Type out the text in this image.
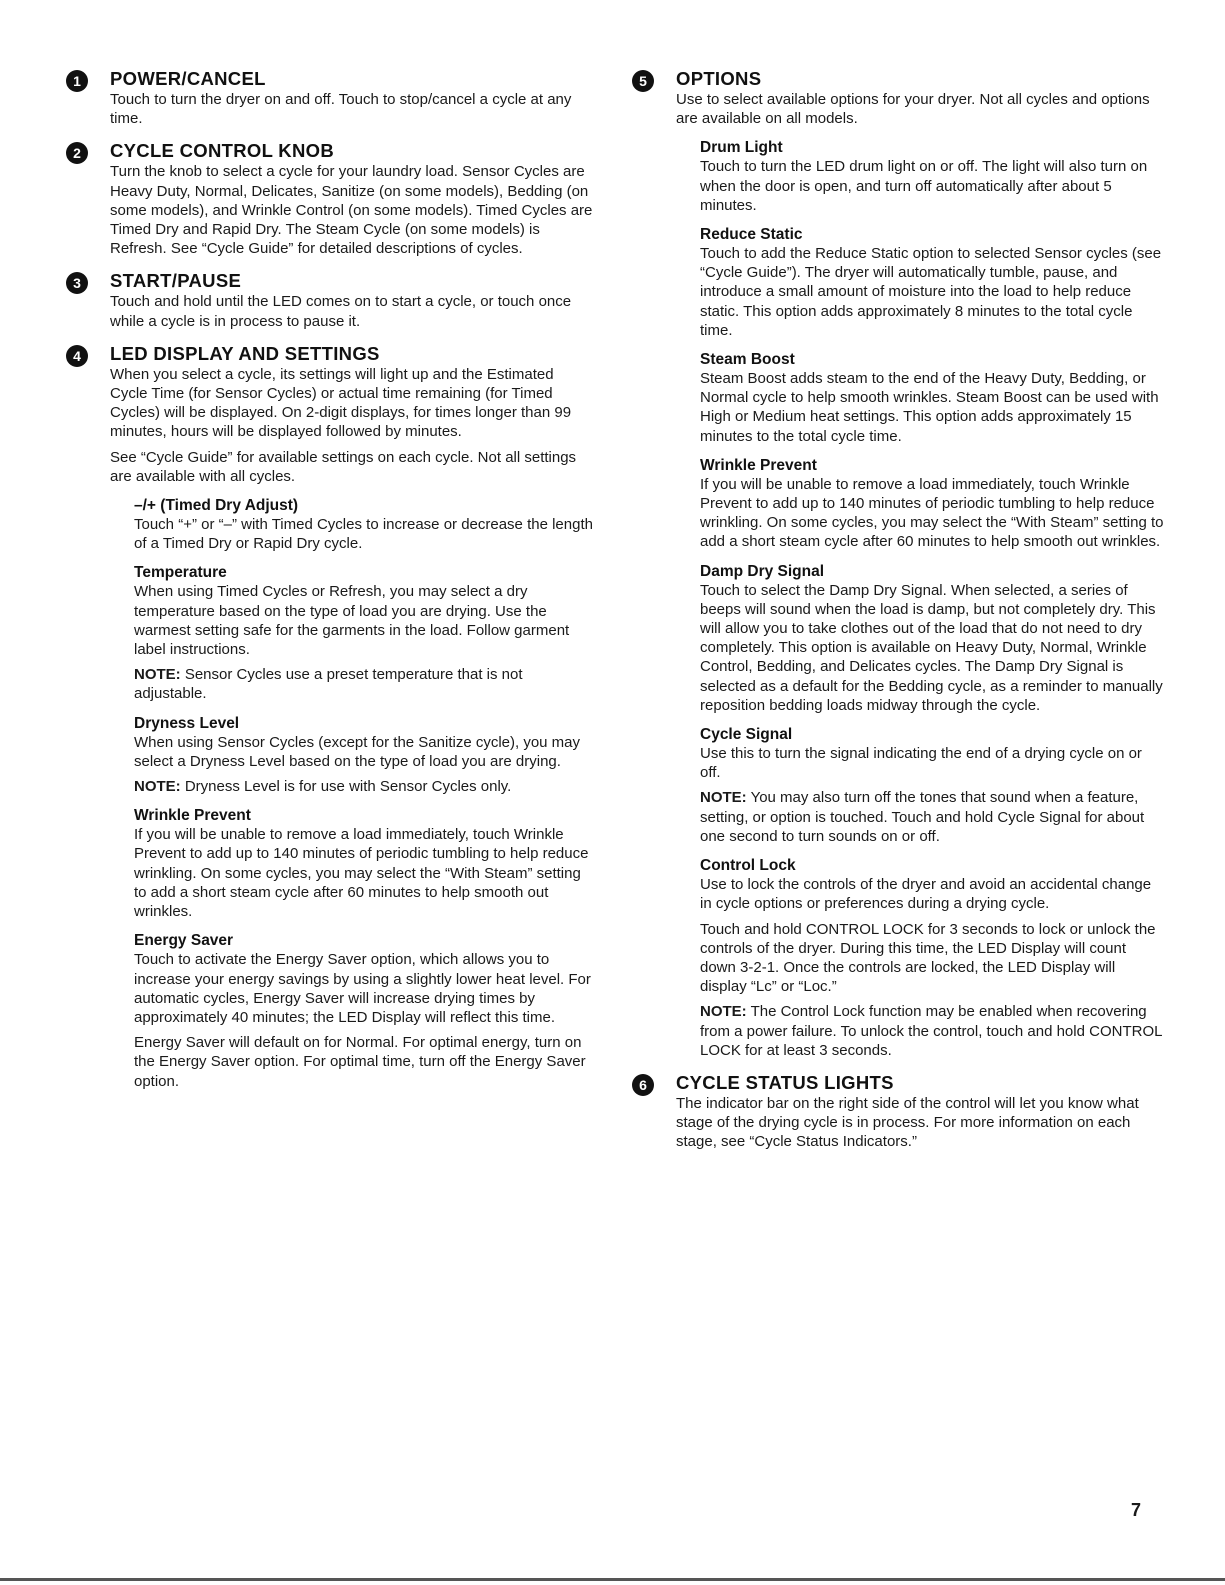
1	POWER/CANCEL

Touch to turn the dryer on and off. Touch to stop/cancel a cycle at any time.

2	CYCLE CONTROL KNOB

Turn the knob to select a cycle for your laundry load. Sensor Cycles are Heavy Duty, Normal, Delicates, Sanitize (on some models), Bedding (on some models), and Wrinkle Control (on some models). Timed Cycles are Timed Dry and Rapid Dry. The Steam Cycle (on some models) is Refresh. See “Cycle Guide” for detailed descriptions of cycles.

3	START/PAUSE

Touch and hold until the LED comes on to start a cycle, or touch once while a cycle is in process to pause it.

4	LED DISPLAY AND SETTINGS

When you select a cycle, its settings will light up and the Estimated Cycle Time (for Sensor Cycles) or actual time remaining (for Timed Cycles) will be displayed. On 2-digit displays, for times longer than 99 minutes, hours will be displayed followed by minutes.

See “Cycle Guide” for available settings on each cycle. Not all settings are available with all cycles.

–/+ (Timed Dry Adjust)

Touch “+” or “–” with Timed Cycles to increase or decrease the length of a Timed Dry or Rapid Dry cycle.

Temperature

When using Timed Cycles or Refresh, you may select a dry temperature based on the type of load you are drying. Use the warmest setting safe for the garments in the load. Follow garment label instructions.

NOTE: Sensor Cycles use a preset temperature that is not adjustable.

Dryness Level

When using Sensor Cycles (except for the Sanitize cycle), you may select a Dryness Level based on the type of load you are drying.

NOTE: Dryness Level is for use with Sensor Cycles only.

Wrinkle Prevent

If you will be unable to remove a load immediately, touch Wrinkle Prevent to add up to 140 minutes of periodic tumbling to help reduce wrinkling. On some cycles, you may select the “With Steam” setting to add a short steam cycle after 60 minutes to help smooth out wrinkles.

Energy Saver

Touch to activate the Energy Saver option, which allows you to increase your energy savings by using a slightly lower heat level. For automatic cycles, Energy Saver will increase drying times by approximately 40 minutes; the LED Display will reflect this time.

Energy Saver will default on for Normal. For optimal energy, turn on the Energy Saver option. For optimal time, turn off the Energy Saver option.

5	OPTIONS

Use to select available options for your dryer. Not all cycles and options are available on all models.

Drum Light

Touch to turn the LED drum light on or off. The light will also turn on when the door is open, and turn off automatically after about 5 minutes.

Reduce Static

Touch to add the Reduce Static option to selected Sensor cycles (see “Cycle Guide”). The dryer will automatically tumble, pause, and introduce a small amount of moisture into the load to help reduce static. This option adds approximately 8 minutes to the total cycle time.

Steam Boost

Steam Boost adds steam to the end of the Heavy Duty, Bedding, or Normal cycle to help smooth wrinkles. Steam Boost can be used with High or Medium heat settings. This option adds approximately 15 minutes to the total cycle time.

Wrinkle Prevent

If you will be unable to remove a load immediately, touch Wrinkle Prevent to add up to 140 minutes of periodic tumbling to help reduce wrinkling. On some cycles, you may select the “With Steam” setting to add a short steam cycle after 60 minutes to help smooth out wrinkles.

Damp Dry Signal

Touch to select the Damp Dry Signal. When selected, a series of beeps will sound when the load is damp, but not completely dry. This will allow you to take clothes out of the load that do not need to dry completely. This option is available on Heavy Duty, Normal, Wrinkle Control, Bedding, and Delicates cycles. The Damp Dry Signal is selected as a default for the Bedding cycle, as a reminder to manually reposition bedding loads midway through the cycle.

Cycle Signal

Use this to turn the signal indicating the end of a drying cycle on or off.

NOTE: You may also turn off the tones that sound when a feature, setting, or option is touched. Touch and hold Cycle Signal for about one second to turn sounds on or off.

Control Lock

Use to lock the controls of the dryer and avoid an accidental change in cycle options or preferences during a drying cycle.

Touch and hold CONTROL LOCK for 3 seconds to lock or unlock the controls of the dryer. During this time, the LED Display will count down 3-2-1. Once the controls are locked, the LED Display will display “Lc” or “Loc.”

NOTE: The Control Lock function may be enabled when recovering from a power failure. To unlock the control, touch and hold CONTROL LOCK for at least 3 seconds.

6	CYCLE STATUS LIGHTS

The indicator bar on the right side of the control will let you know what stage of the drying cycle is in process. For more information on each stage, see “Cycle Status Indicators.”

7
